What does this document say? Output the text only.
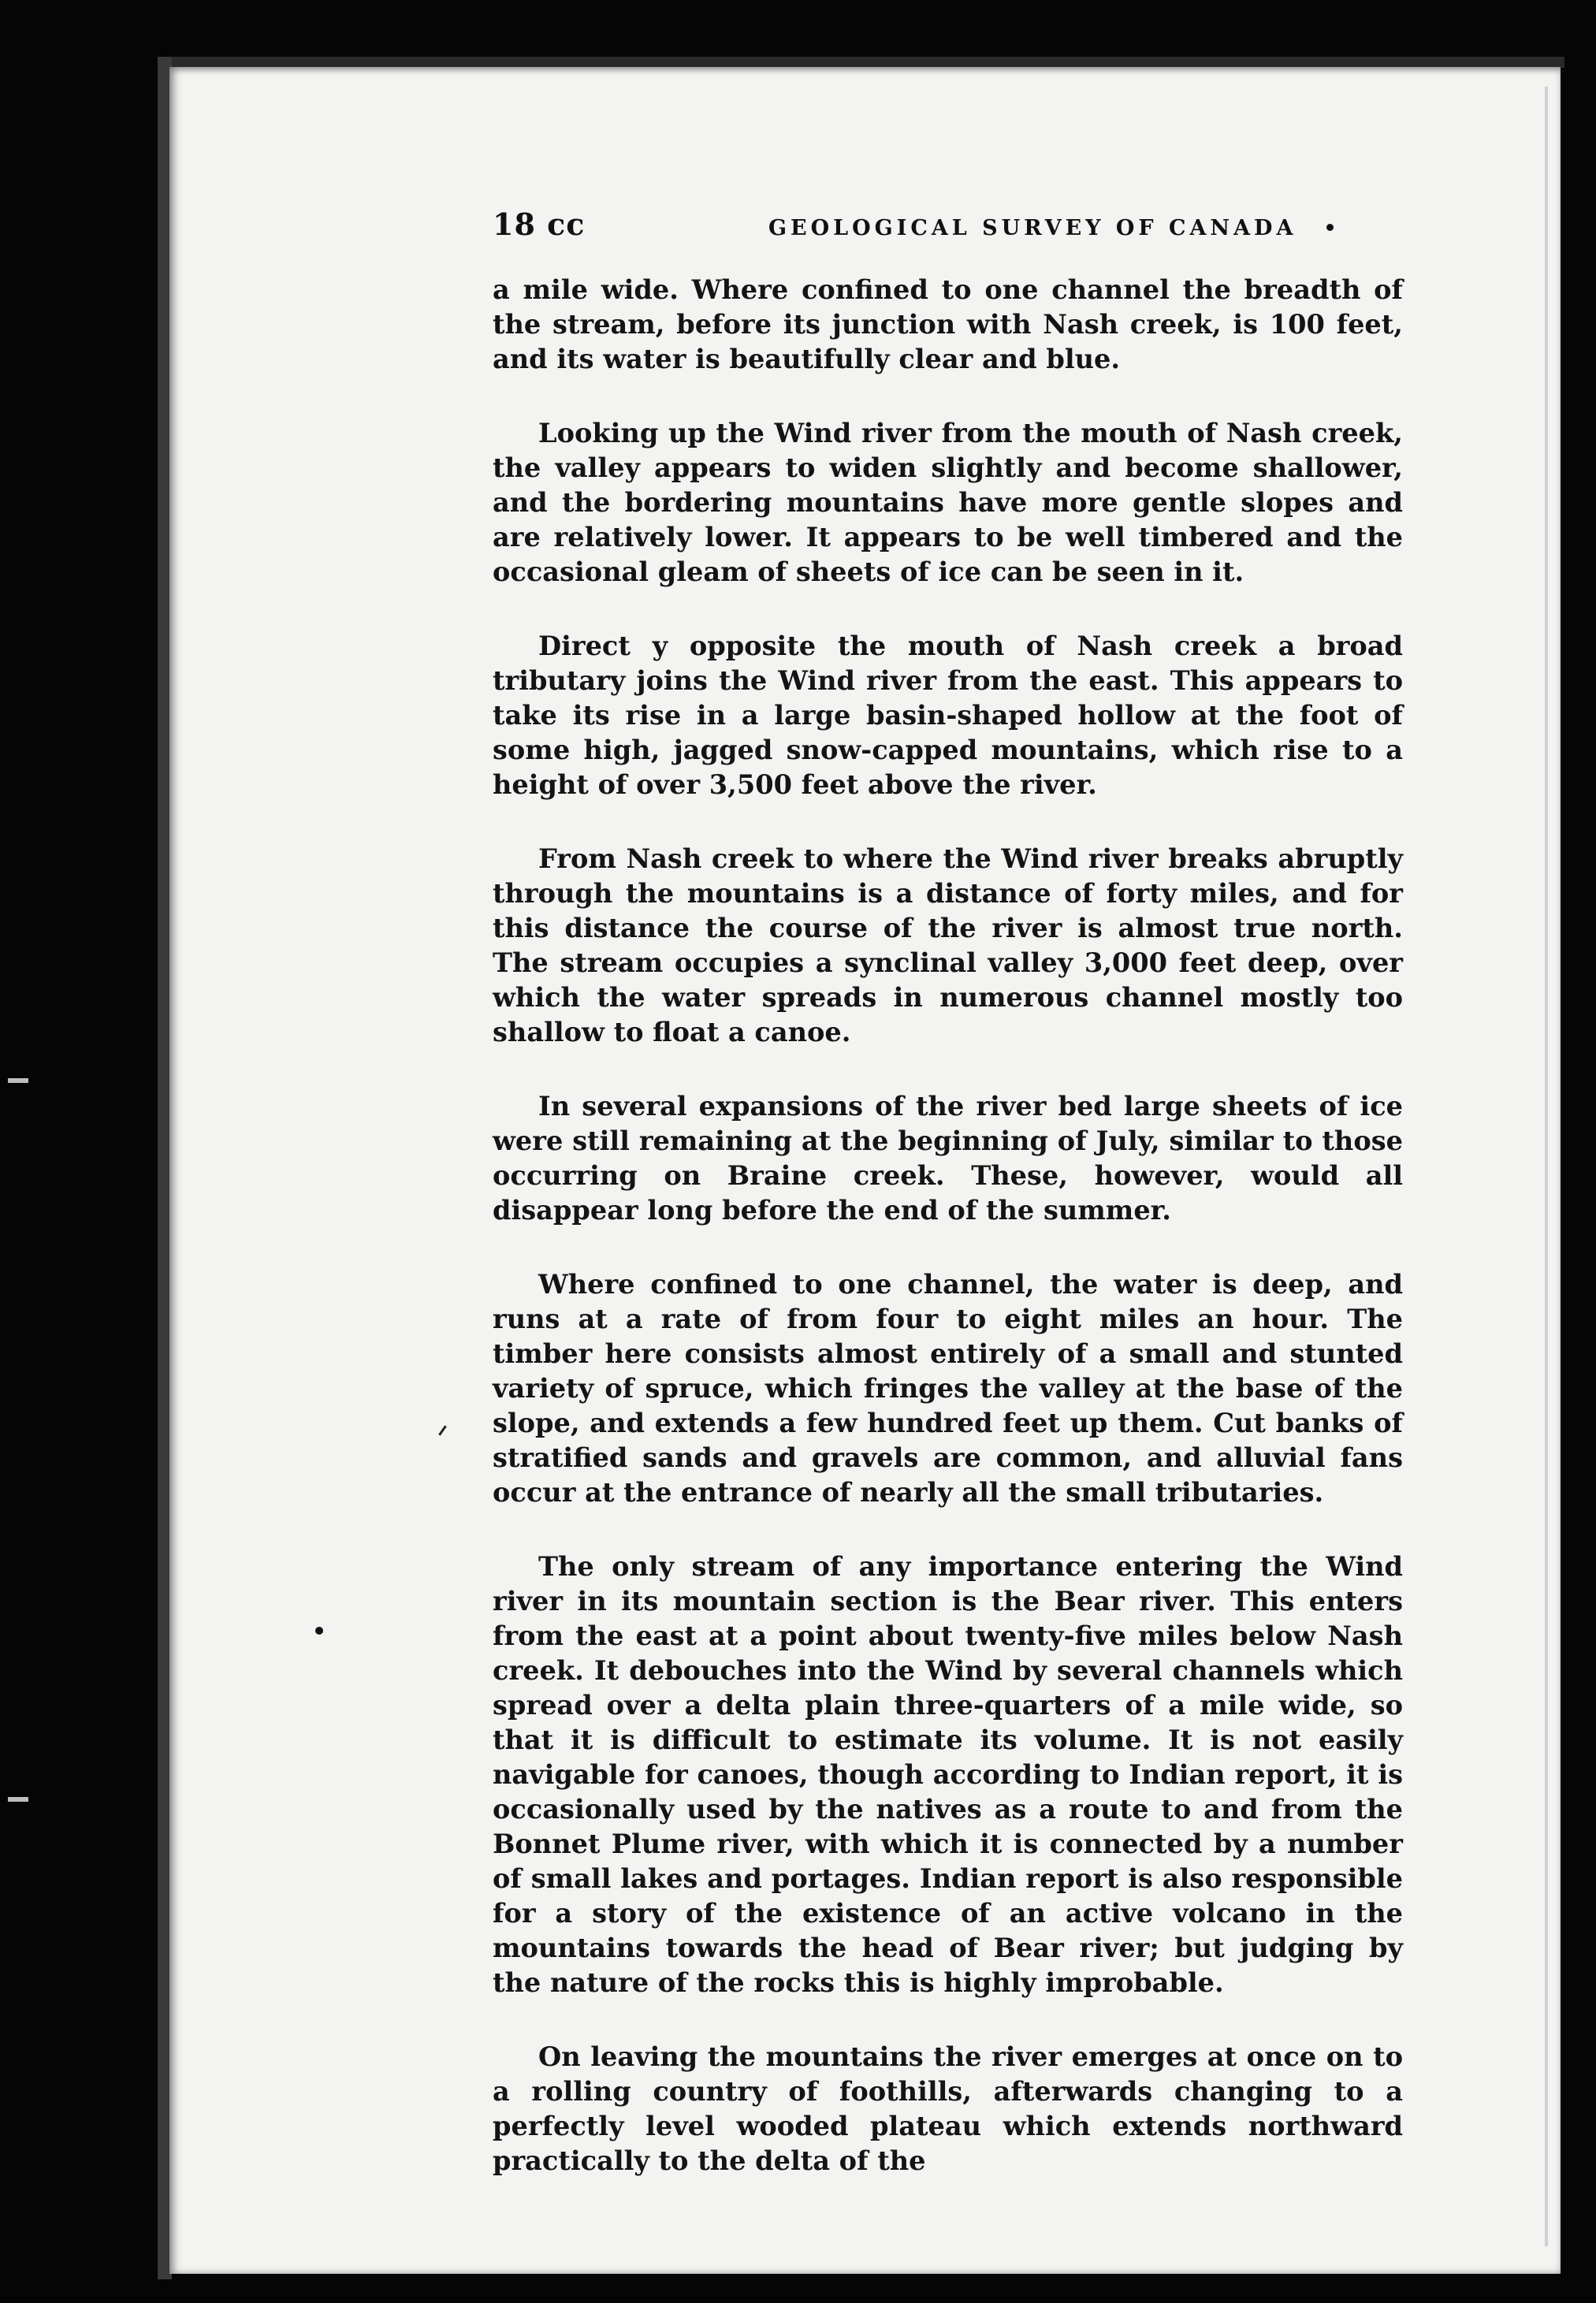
18 cc	GEOLOGICAL SURVEY OF CANADA

a mile wide. Where confined to one channel the breadth of the stream, before its junction with Nash creek, is 100 feet, and its water is beautifully clear and blue.

Looking up the Wind river from the mouth of Nash creek, the valley appears to widen slightly and become shallower, and the bordering mountains have more gentle slopes and are relatively lower. It appears to be well timbered and the occasional gleam of sheets of ice can be seen in it.

Direct y opposite the mouth of Nash creek a broad tributary joins the Wind river from the east. This appears to take its rise in a large basin-shaped hollow at the foot of some high, jagged snow-capped mountains, which rise to a height of over 3,500 feet above the river.

From Nash creek to where the Wind river breaks abruptly through the mountains is a distance of forty miles, and for this distance the course of the river is almost true north. The stream occupies a synclinal valley 3,000 feet deep, over which the water spreads in numerous channel mostly too shallow to float a canoe.

In several expansions of the river bed large sheets of ice were still remaining at the beginning of July, similar to those occurring on Braine creek. These, however, would all disappear long before the end of the summer.

Where confined to one channel, the water is deep, and runs at a rate of from four to eight miles an hour. The timber here consists almost entirely of a small and stunted variety of spruce, which fringes the valley at the base of the slope, and extends a few hundred feet up them. Cut banks of stratified sands and gravels are common, and alluvial fans occur at the entrance of nearly all the small tributaries.

The only stream of any importance entering the Wind river in its mountain section is the Bear river. This enters from the east at a point about twenty-five miles below Nash creek. It debouches into the Wind by several channels which spread over a delta plain three-quarters of a mile wide, so that it is difficult to estimate its volume. It is not easily navigable for canoes, though according to Indian report, it is occasionally used by the natives as a route to and from the Bonnet Plume river, with which it is connected by a number of small lakes and portages. Indian report is also responsible for a story of the existence of an active volcano in the mountains towards the head of Bear river; but judging by the nature of the rocks this is highly improbable.

On leaving the mountains the river emerges at once on to a rolling country of foothills, afterwards changing to a perfectly level wooded plateau which extends northward practically to the delta of the
